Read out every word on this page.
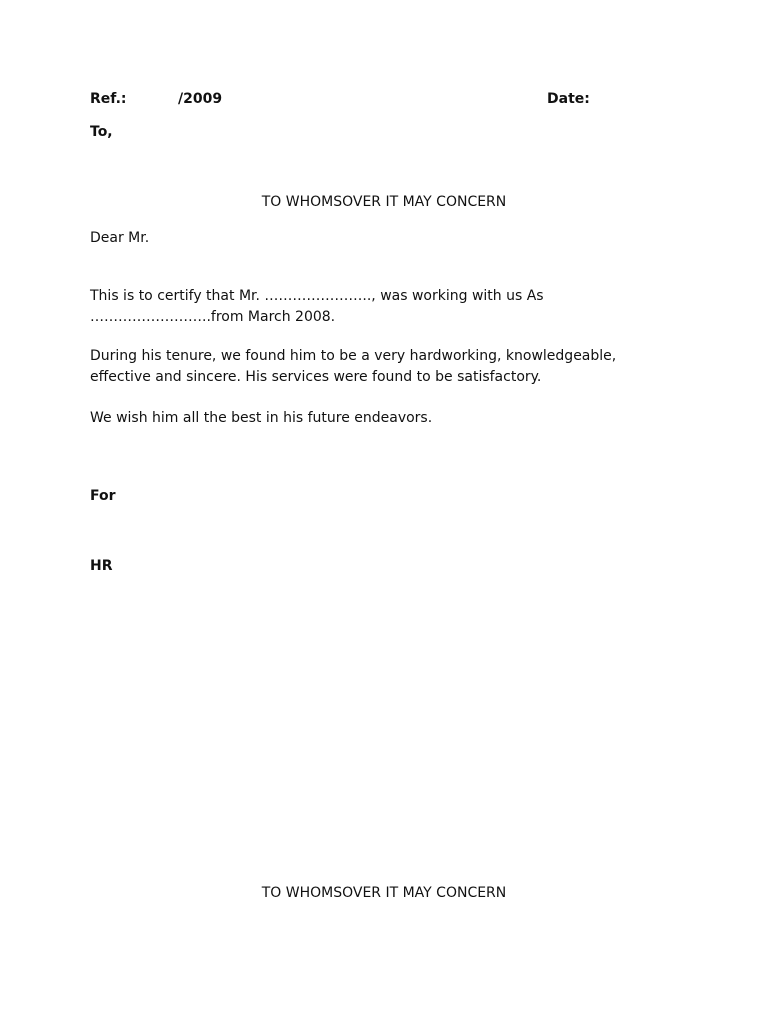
Ref.:	/2009	Date:
To,
TO WHOMSOVER IT MAY CONCERN
Dear Mr.
This is to certify that Mr. ………………….., was working with us As
……………………..from March 2008.
During his tenure, we found him to be a very hardworking, knowledgeable,
effective and sincere. His services were found to be satisfactory.
We wish him all the best in his future endeavors.
For
HR
TO WHOMSOVER IT MAY CONCERN
